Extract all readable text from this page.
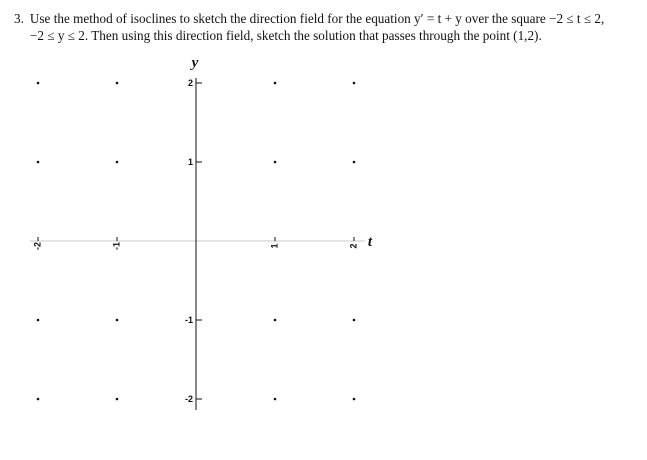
3. Use the method of isoclines to sketch the direction field for the equation y′ = t + y over the square −2 ≤ t ≤ 2,
−2 ≤ y ≤ 2. Then using this direction field, sketch the solution that passes through the point (1,2).
2
1
-1
-2
-2	-1	1	2
y
t
